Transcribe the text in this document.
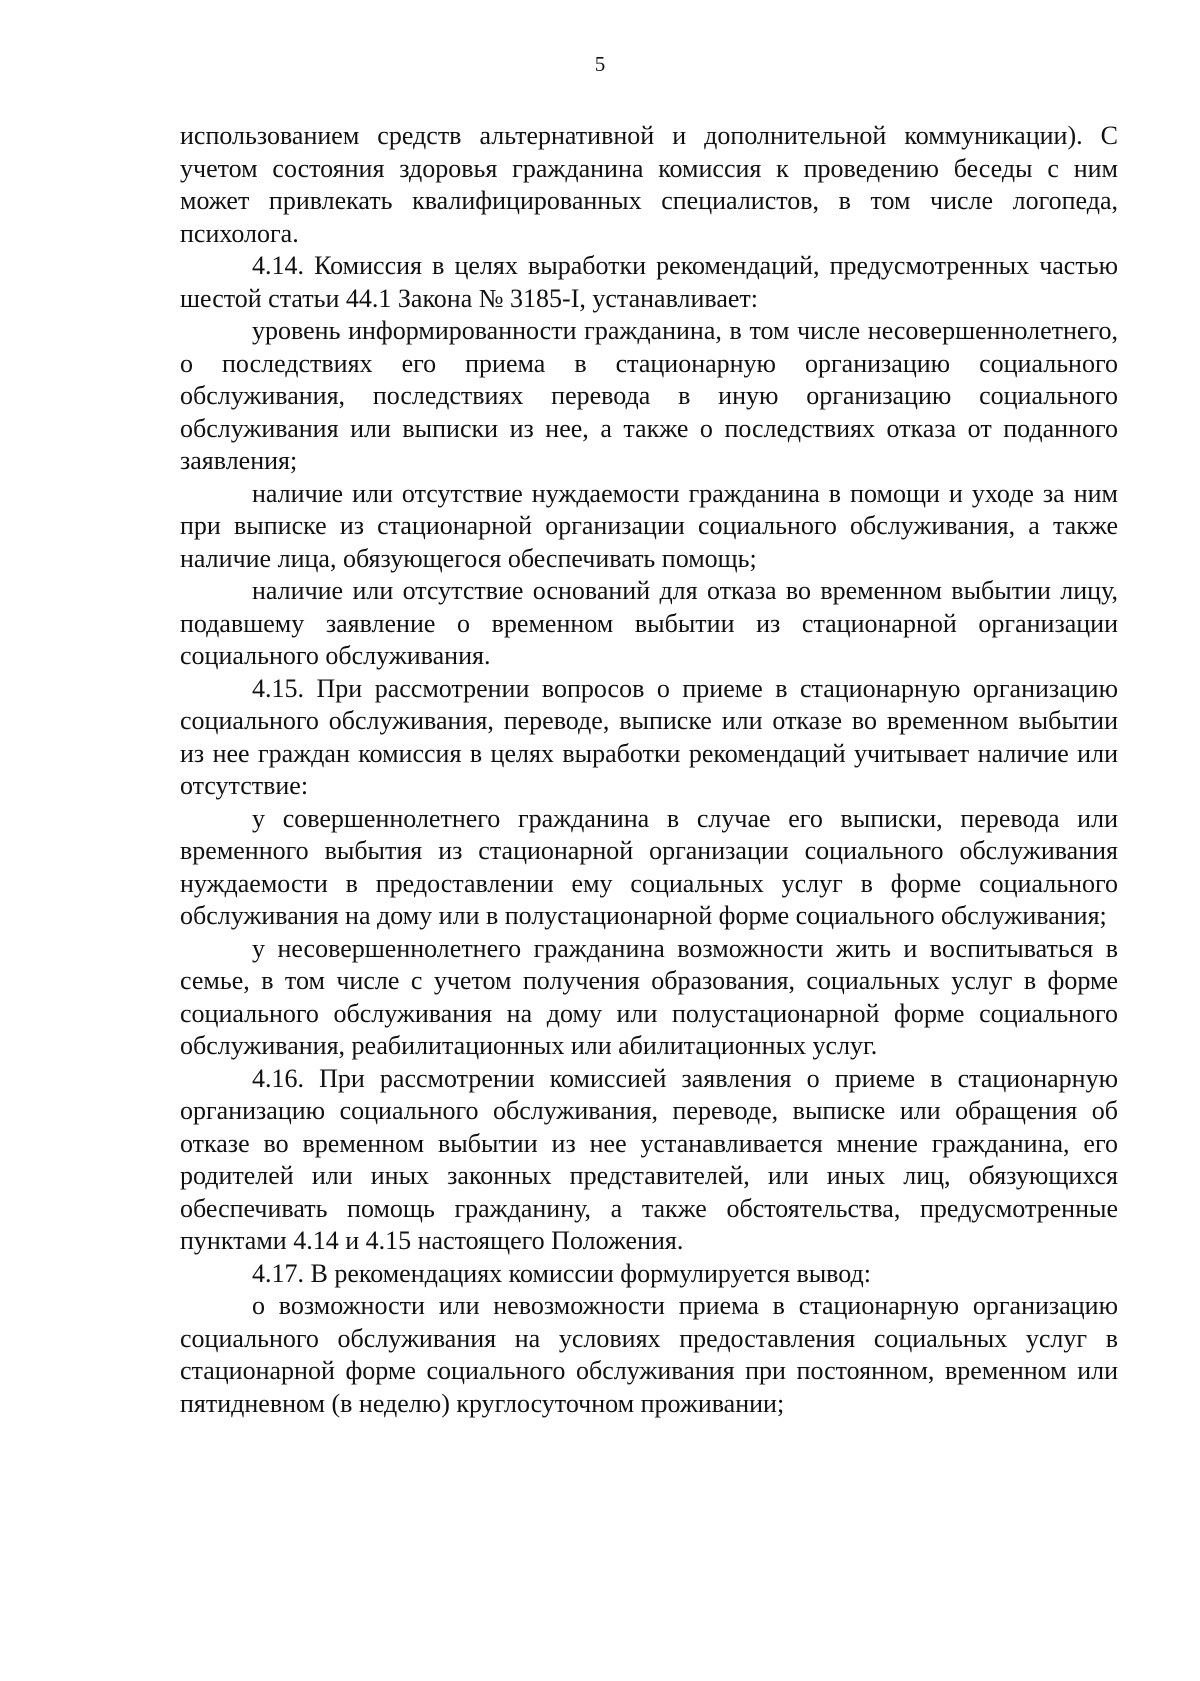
5

использованием средств альтернативной и дополнительной коммуникации). С учетом состояния здоровья гражданина комиссия к проведению беседы с ним может привлекать квалифицированных специалистов, в том числе логопеда, психолога.

4.14. Комиссия в целях выработки рекомендаций, предусмотренных частью шестой статьи 44.1 Закона № 3185-I, устанавливает:

уровень информированности гражданина, в том числе несовершеннолетнего, о последствиях его приема в стационарную организацию социального обслуживания, последствиях перевода в иную организацию социального обслуживания или выписки из нее, а также о последствиях отказа от поданного заявления;

наличие или отсутствие нуждаемости гражданина в помощи и уходе за ним при выписке из стационарной организации социального обслуживания, а также наличие лица, обязующегося обеспечивать помощь;

наличие или отсутствие оснований для отказа во временном выбытии лицу, подавшему заявление о временном выбытии из стационарной организации социального обслуживания.

4.15. При рассмотрении вопросов о приеме в стационарную организацию социального обслуживания, переводе, выписке или отказе во временном выбытии из нее граждан комиссия в целях выработки рекомендаций учитывает наличие или отсутствие:

у совершеннолетнего гражданина в случае его выписки, перевода или временного выбытия из стационарной организации социального обслуживания нуждаемости в предоставлении ему социальных услуг в форме социального обслуживания на дому или в полустационарной форме социального обслуживания;

у несовершеннолетнего гражданина возможности жить и воспитываться в семье, в том числе с учетом получения образования, социальных услуг в форме социального обслуживания на дому или полустационарной форме социального обслуживания, реабилитационных или абилитационных услуг.

4.16. При рассмотрении комиссией заявления о приеме в стационарную организацию социального обслуживания, переводе, выписке или обращения об отказе во временном выбытии из нее устанавливается мнение гражданина, его родителей или иных законных представителей, или иных лиц, обязующихся обеспечивать помощь гражданину, а также обстоятельства, предусмотренные пунктами 4.14 и 4.15 настоящего Положения.

4.17. В рекомендациях комиссии формулируется вывод:

о возможности или невозможности приема в стационарную организацию социального обслуживания на условиях предоставления социальных услуг в стационарной форме социального обслуживания при постоянном, временном или пятидневном (в неделю) круглосуточном проживании;
